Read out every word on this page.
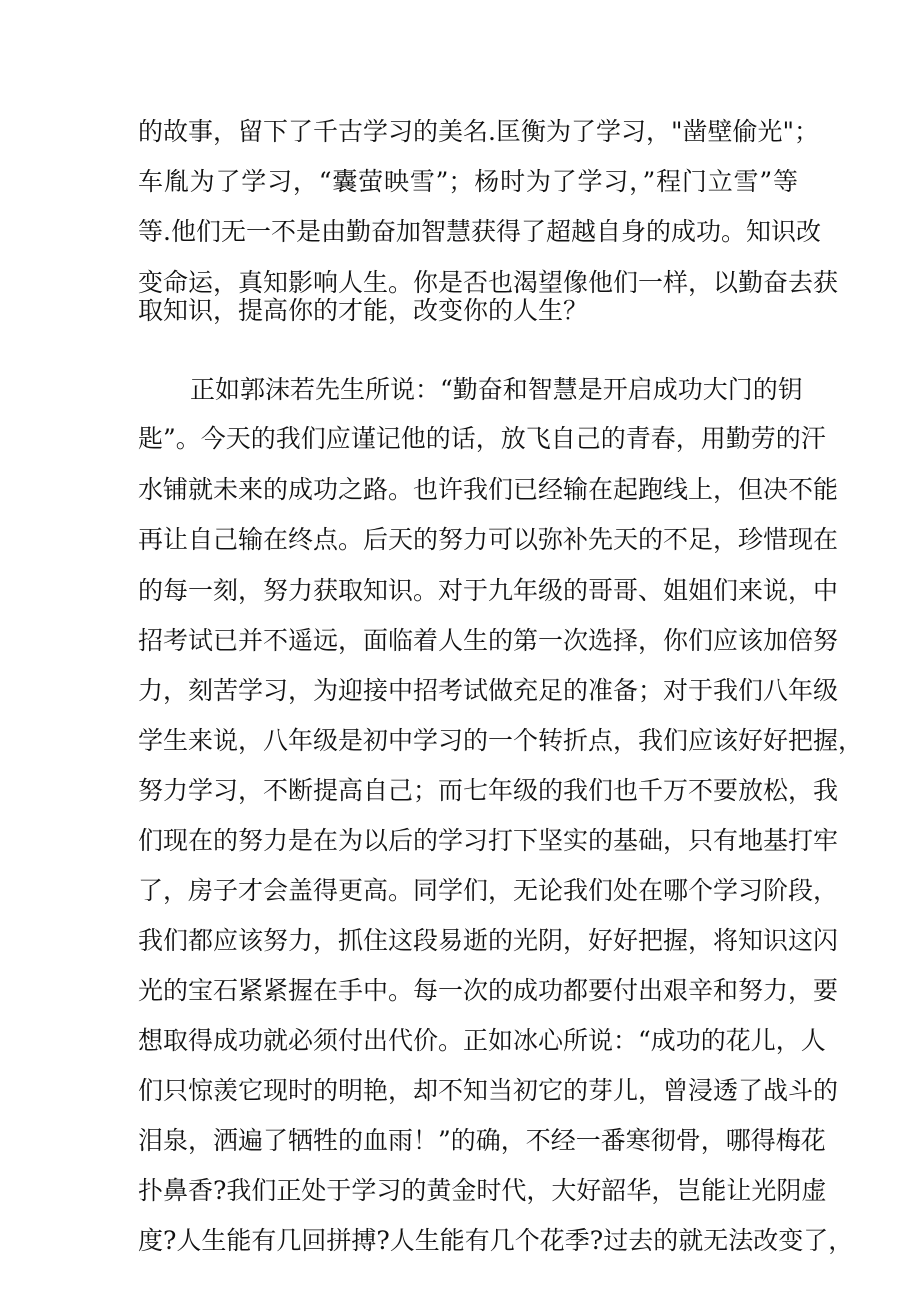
的故事，留下了千古学习的美名.匡衡为了学习，"凿壁偷光"；
车胤为了学习，“囊萤映雪”；杨时为了学习，”程门立雪”等
等.他们无一不是由勤奋加智慧获得了超越自身的成功。知识改
变命运，真知影响人生。你是否也渴望像他们一样，以勤奋去获
取知识，提高你的才能，改变你的人生？
正如郭沫若先生所说：“勤奋和智慧是开启成功大门的钥
匙”。今天的我们应谨记他的话，放飞自己的青春，用勤劳的汗
水铺就未来的成功之路。也许我们已经输在起跑线上，但决不能
再让自己输在终点。后天的努力可以弥补先天的不足，珍惜现在
的每一刻，努力获取知识。对于九年级的哥哥、姐姐们来说，中
招考试已并不遥远，面临着人生的第一次选择，你们应该加倍努
力，刻苦学习，为迎接中招考试做充足的准备；对于我们八年级
学生来说，八年级是初中学习的一个转折点，我们应该好好把握，
努力学习，不断提高自己；而七年级的我们也千万不要放松，我
们现在的努力是在为以后的学习打下坚实的基础，只有地基打牢
了，房子才会盖得更高。同学们，无论我们处在哪个学习阶段，
我们都应该努力，抓住这段易逝的光阴，好好把握，将知识这闪
光的宝石紧紧握在手中。每一次的成功都要付出艰辛和努力，要
想取得成功就必须付出代价。正如冰心所说：“成功的花儿，人
们只惊羡它现时的明艳，却不知当初它的芽儿，曾浸透了战斗的
泪泉，洒遍了牺牲的血雨！”的确，不经一番寒彻骨，哪得梅花
扑鼻香?我们正处于学习的黄金时代，大好韶华，岂能让光阴虚
度?人生能有几回拼搏?人生能有几个花季?过去的就无法改变了，
